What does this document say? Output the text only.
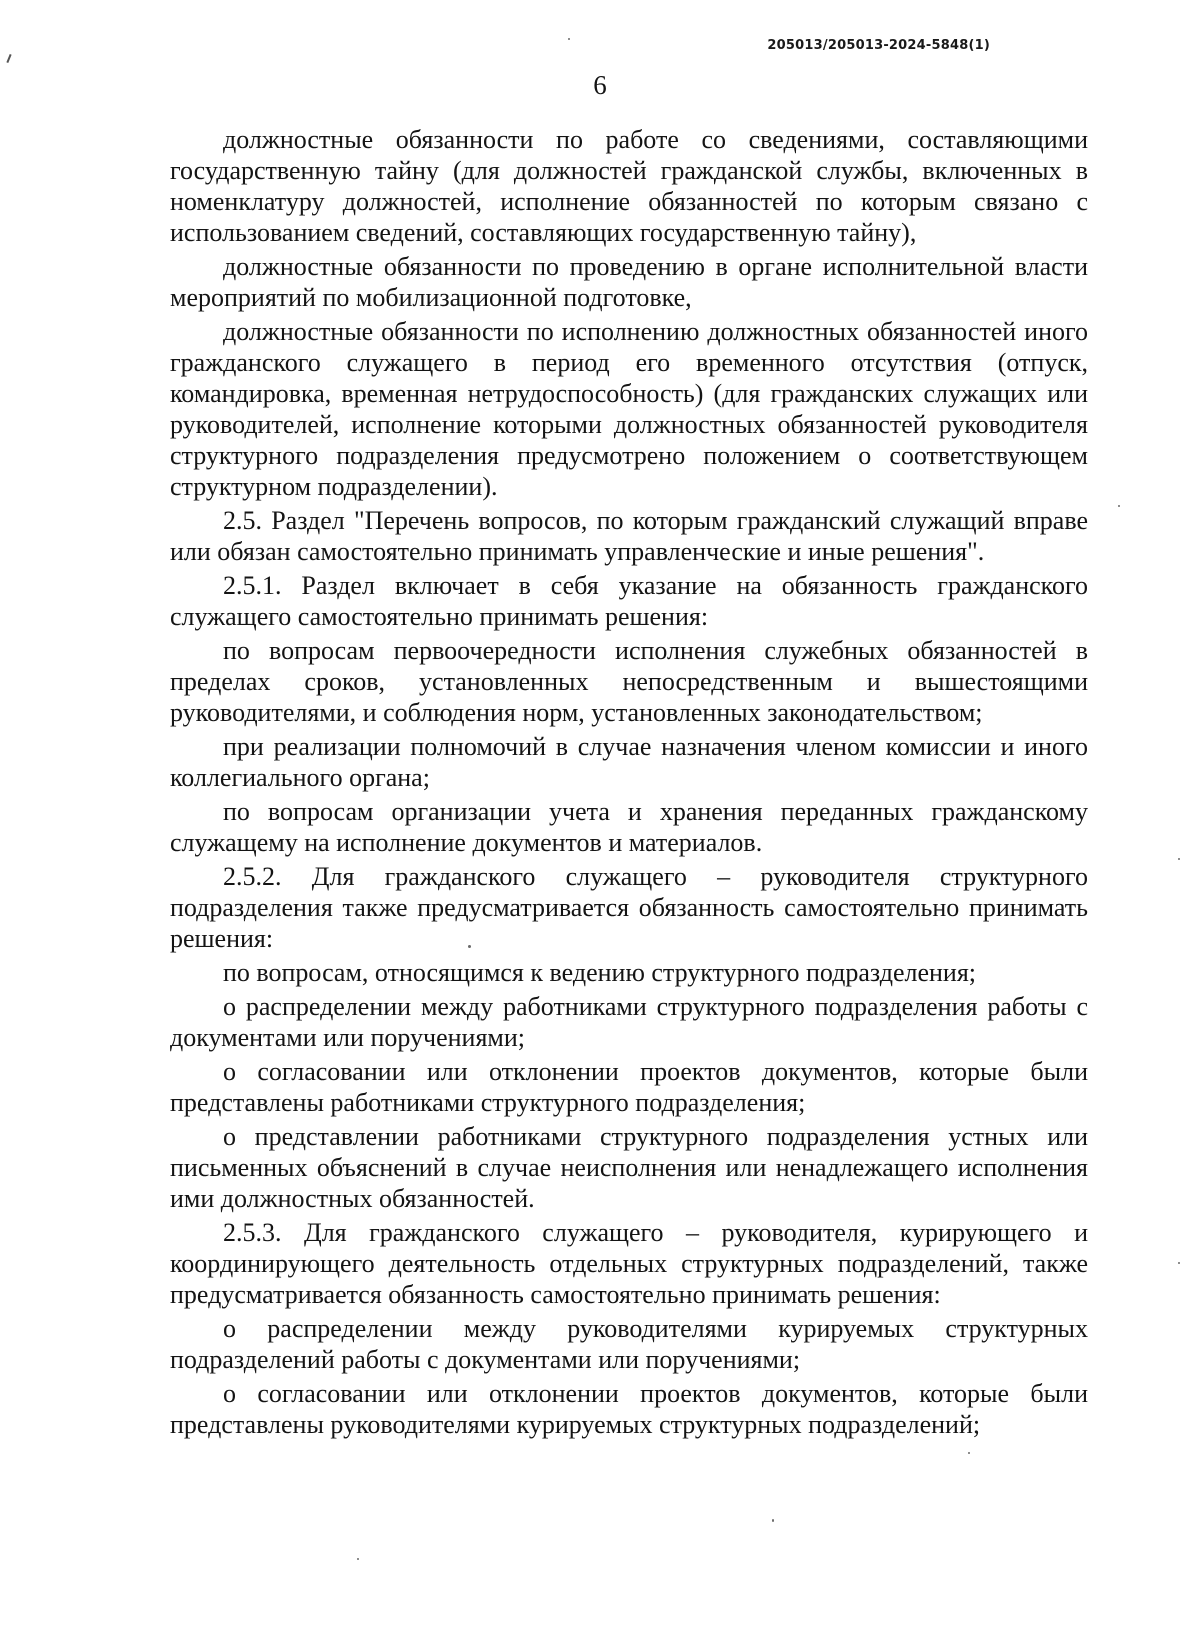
205013/205013-2024-5848(1)
6

должностные обязанности по работе со сведениями, составляющими государственную тайну (для должностей гражданской службы, включенных в номенклатуру должностей, исполнение обязанностей по которым связано с использованием сведений, составляющих государственную тайну),

должностные обязанности по проведению в органе исполнительной власти мероприятий по мобилизационной подготовке,

должностные обязанности по исполнению должностных обязанностей иного гражданского служащего в период его временного отсутствия (отпуск, командировка, временная нетрудоспособность) (для гражданских служащих или руководителей, исполнение которыми должностных обязанностей руководителя структурного подразделения предусмотрено положением о соответствующем структурном подразделении).

2.5. Раздел "Перечень вопросов, по которым гражданский служащий вправе или обязан самостоятельно принимать управленческие и иные решения".

2.5.1. Раздел включает в себя указание на обязанность гражданского служащего самостоятельно принимать решения:

по вопросам первоочередности исполнения служебных обязанностей в пределах сроков, установленных непосредственным и вышестоящими руководителями, и соблюдения норм, установленных законодательством;

при реализации полномочий в случае назначения членом комиссии и иного коллегиального органа;

по вопросам организации учета и хранения переданных гражданскому служащему на исполнение документов и материалов.

2.5.2. Для гражданского служащего – руководителя структурного подразделения также предусматривается обязанность самостоятельно принимать решения:

по вопросам, относящимся к ведению структурного подразделения;

о распределении между работниками структурного подразделения работы с документами или поручениями;

о согласовании или отклонении проектов документов, которые были представлены работниками структурного подразделения;

о представлении работниками структурного подразделения устных или письменных объяснений в случае неисполнения или ненадлежащего исполнения ими должностных обязанностей.

2.5.3. Для гражданского служащего – руководителя, курирующего и координирующего деятельность отдельных структурных подразделений, также предусматривается обязанность самостоятельно принимать решения:

о распределении между руководителями курируемых структурных подразделений работы с документами или поручениями;

о согласовании или отклонении проектов документов, которые были представлены руководителями курируемых структурных подразделений;
